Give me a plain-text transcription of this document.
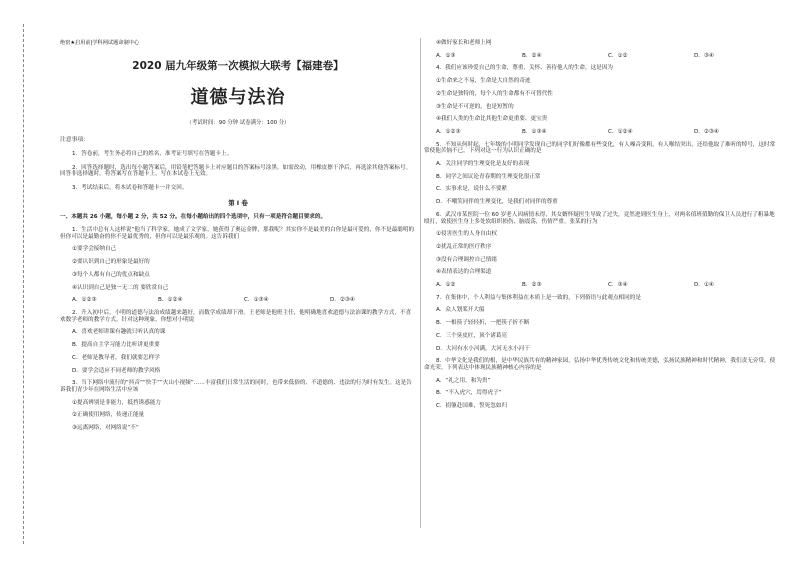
绝密★启用前|学科网试题命制中心
2020 届九年级第一次模拟大联考【福建卷】
道德与法治
（考试时间：90 分钟 试卷满分：100 分）
注意事项：
1．答卷前，考生务必将自己的姓名、准考证号填写在答题卡上。
2．回答选择题时，选出每小题答案后，用铅笔把答题卡上对应题目的答案标号涂黑。如需改动，用橡皮擦干净后，再选涂其他答案标号。回答非选择题时，将答案写在答题卡上，写在本试卷上无效。
3．考试结束后，将本试卷和答题卡一并交回。
第 I 卷
一、本题共 26 小题，每小题 2 分，共 52 分。在每小题给出的四个选项中，只有一项是符合题目要求的。
1．生活中总有人这样说“他当了科学家，她成了文学家，她获得了奥运金牌，那我呢？其实你不是最美的白你是最可爱的，你不是最聪明的但你可以是最勤奋的你不是最优秀的，但你可以是最乐观的。这告诉我们
①要学会接纳自己
②要认识到自己的形象是最好的
③每个人都有自己的优点和缺点
④认识到自己是独一无二的 要欣赏自己
A．①②③	B．①②④	C．①③④	D．②③④
2．升入初中后，小明的道德与法治成绩越来越好，而数学成绩却下滑。王老师是他班主任，他明确地喜欢道德与法治课的教学方式，不喜欢数学老师的教学方式。针对这种现象，你想对小明说
A．喜欢老师讲课有趣就只听认真的课
B．提高自主学习能力比听讲更重要
C．老师是教导者，我们就要怎样学
D．要学会适应不同老师的教学风格
3．当下网络中流行的“抖音”“快手”“火山小视频”……丰富我们日常生活的同时，也带来低俗的、不道德的、违法的行为时有发生。这是告诉我们青少年在网络生活中应该
①提高辨别是非能力，抵挡诱惑能力
②正确使用网络，传递正能量
③远离网络，对网络说“不”
④做好家长和老师上网
A．①③	B．②④	C．①②	D．③④
4．我们应该珍爱自己的生命，尊重、关怀、善待他人的生命，这是因为
①生命来之不易，生命是大自然的奇迹
②生命是独特的，每个人的生命都有不可替代性
③生命是不可逆的，也是短暂的
④我们人类的生命比其他生命更重要、更宝贵
A．①②③	B．①③④	C．①②④	D．②③④
5．不知从何时起，七年级的小明同学发现自己的同学们好像都有些变化，有人嗓音变粗，有人喉结突出，还给他取了难听的绰号，这时常常使他苦恼不已。下列对这一行为认识正确的是
A．关注同学的生理变化是友好的表现
B．同学之间议论青春期的生理变化很正常
C．实事求是，说什么不要紧
D．不嘲笑同伴的生理变化，是我们对同伴的尊重
6．武汉市某医院一位 60 岁老人因病情未得，其女婿怀疑医生导致了过失，竟然进到医生身上，对两名值班值勤的保卫人员进行了粗暴地殴打，致使医生身上多处软组织损伤、脑震荡，伤情严重。张某的行为
①侵害医生的人身自由权
②扰乱正常的医疗秩序
③没有合理调控自己情绪
④表情表达的合理渠道
A．①②	B．②③	C．③④	D．①④
7．在集体中，个人利益与集体利益在本质上是一致的，下列俗语与此观点相同的是
A．众人划桨开大船
B．一根筷子轻轻折，一把筷子折不断
C．三个臭皮匠，顶个诸葛亮
D．大河有水小河满，大河无水小河干
8．中华文化是我们的根，是中华民族共有的精神家园，弘扬中华优秀传统文化和传统美德，弘扬民族精神和时代精神，我们责无旁贷，使命光荣。下列表达中体现民族精神核心内容的是
A．“礼之用，和为贵”
B．“不入虎穴，焉得虎子”
C．捐躯赴国难，誓死忽如归
